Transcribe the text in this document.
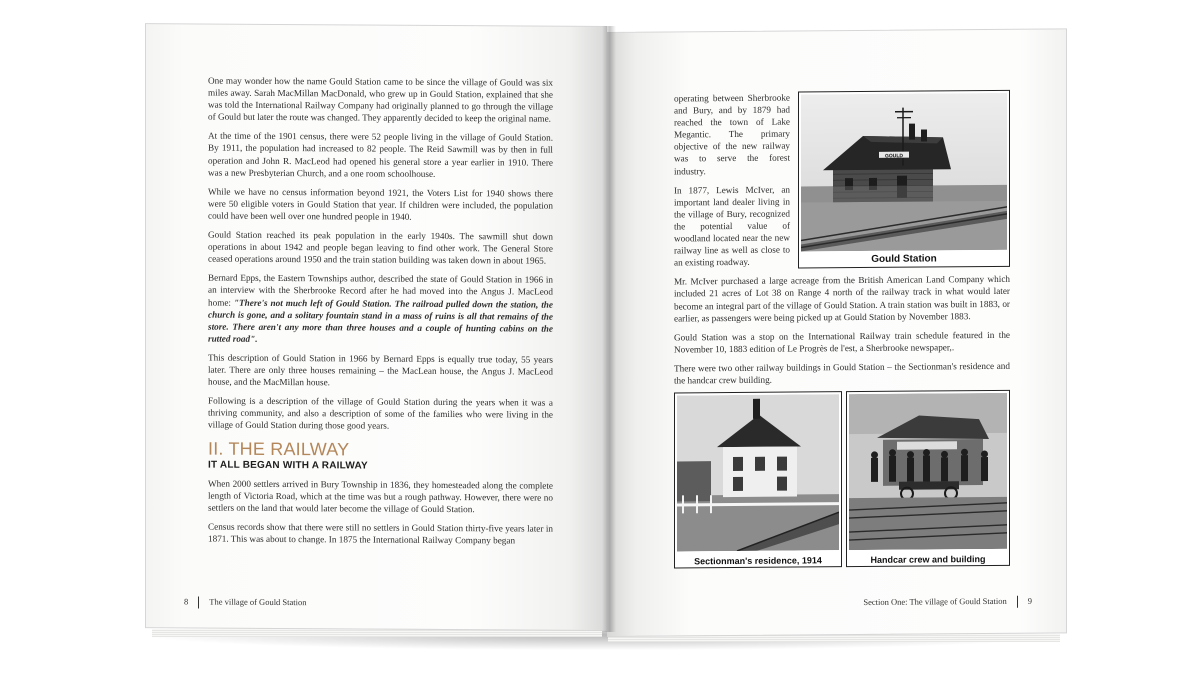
One may wonder how the name Gould Station came to be since the village of Gould was six miles away. Sarah MacMillan MacDonald, who grew up in Gould Station, explained that she was told the International Railway Company had originally planned to go through the village of Gould but later the route was changed. They apparently decided to keep the original name.

At the time of the 1901 census, there were 52 people living in the village of Gould Station. By 1911, the population had increased to 82 people. The Reid Sawmill was by then in full operation and John R. MacLeod had opened his general store a year earlier in 1910. There was a new Presbyterian Church, and a one room schoolhouse.

While we have no census information beyond 1921, the Voters List for 1940 shows there were 50 eligible voters in Gould Station that year. If children were included, the population could have been well over one hundred people in 1940.

Gould Station reached its peak population in the early 1940s. The sawmill shut down operations in about 1942 and people began leaving to find other work. The General Store ceased operations around 1950 and the train station building was taken down in about 1965.

Bernard Epps, the Eastern Townships author, described the state of Gould Station in 1966 in an interview with the Sherbrooke Record after he had moved into the Angus J. MacLeod home: "There's not much left of Gould Station. The railroad pulled down the station, the church is gone, and a solitary fountain stand in a mass of ruins is all that remains of the store. There aren't any more than three houses and a couple of hunting cabins on the rutted road".

This description of Gould Station in 1966 by Bernard Epps is equally true today, 55 years later. There are only three houses remaining – the MacLean house, the Angus J. MacLeod house, and the MacMillan house.

Following is a description of the village of Gould Station during the years when it was a thriving community, and also a description of some of the families who were living in the village of Gould Station during those good years.

II. THE RAILWAY
IT ALL BEGAN WITH A RAILWAY

When 2000 settlers arrived in Bury Township in 1836, they homesteaded along the complete length of Victoria Road, which at the time was but a rough pathway. However, there were no settlers on the land that would later become the village of Gould Station.

Census records show that there were still no settlers in Gould Station thirty-five years later in 1871. This was about to change. In 1875 the International Railway Company began

8 The village of Gould Station
GOULD
Gould Station

operating between Sherbrooke and Bury, and by 1879 had reached the town of Lake Megantic. The primary objective of the new railway was to serve the forest industry.

In 1877, Lewis McIver, an important land dealer living in the village of Bury, recognized the potential value of woodland located near the new railway line as well as close to an existing roadway.

Mr. McIver purchased a large acreage from the British American Land Company which included 21 acres of Lot 38 on Range 4 north of the railway track in what would later become an integral part of the village of Gould Station. A train station was built in 1883, or earlier, as passengers were being picked up at Gould Station by November 1883.

Gould Station was a stop on the International Railway train schedule featured in the November 10, 1883 edition of Le Progrès de l'est, a Sherbrooke newspaper,.

There were two other railway buildings in Gould Station – the Sectionman's residence and the handcar crew building.

Sectionman's residence, 1914	Handcar crew and building
Section One: The village of Gould Station 9
